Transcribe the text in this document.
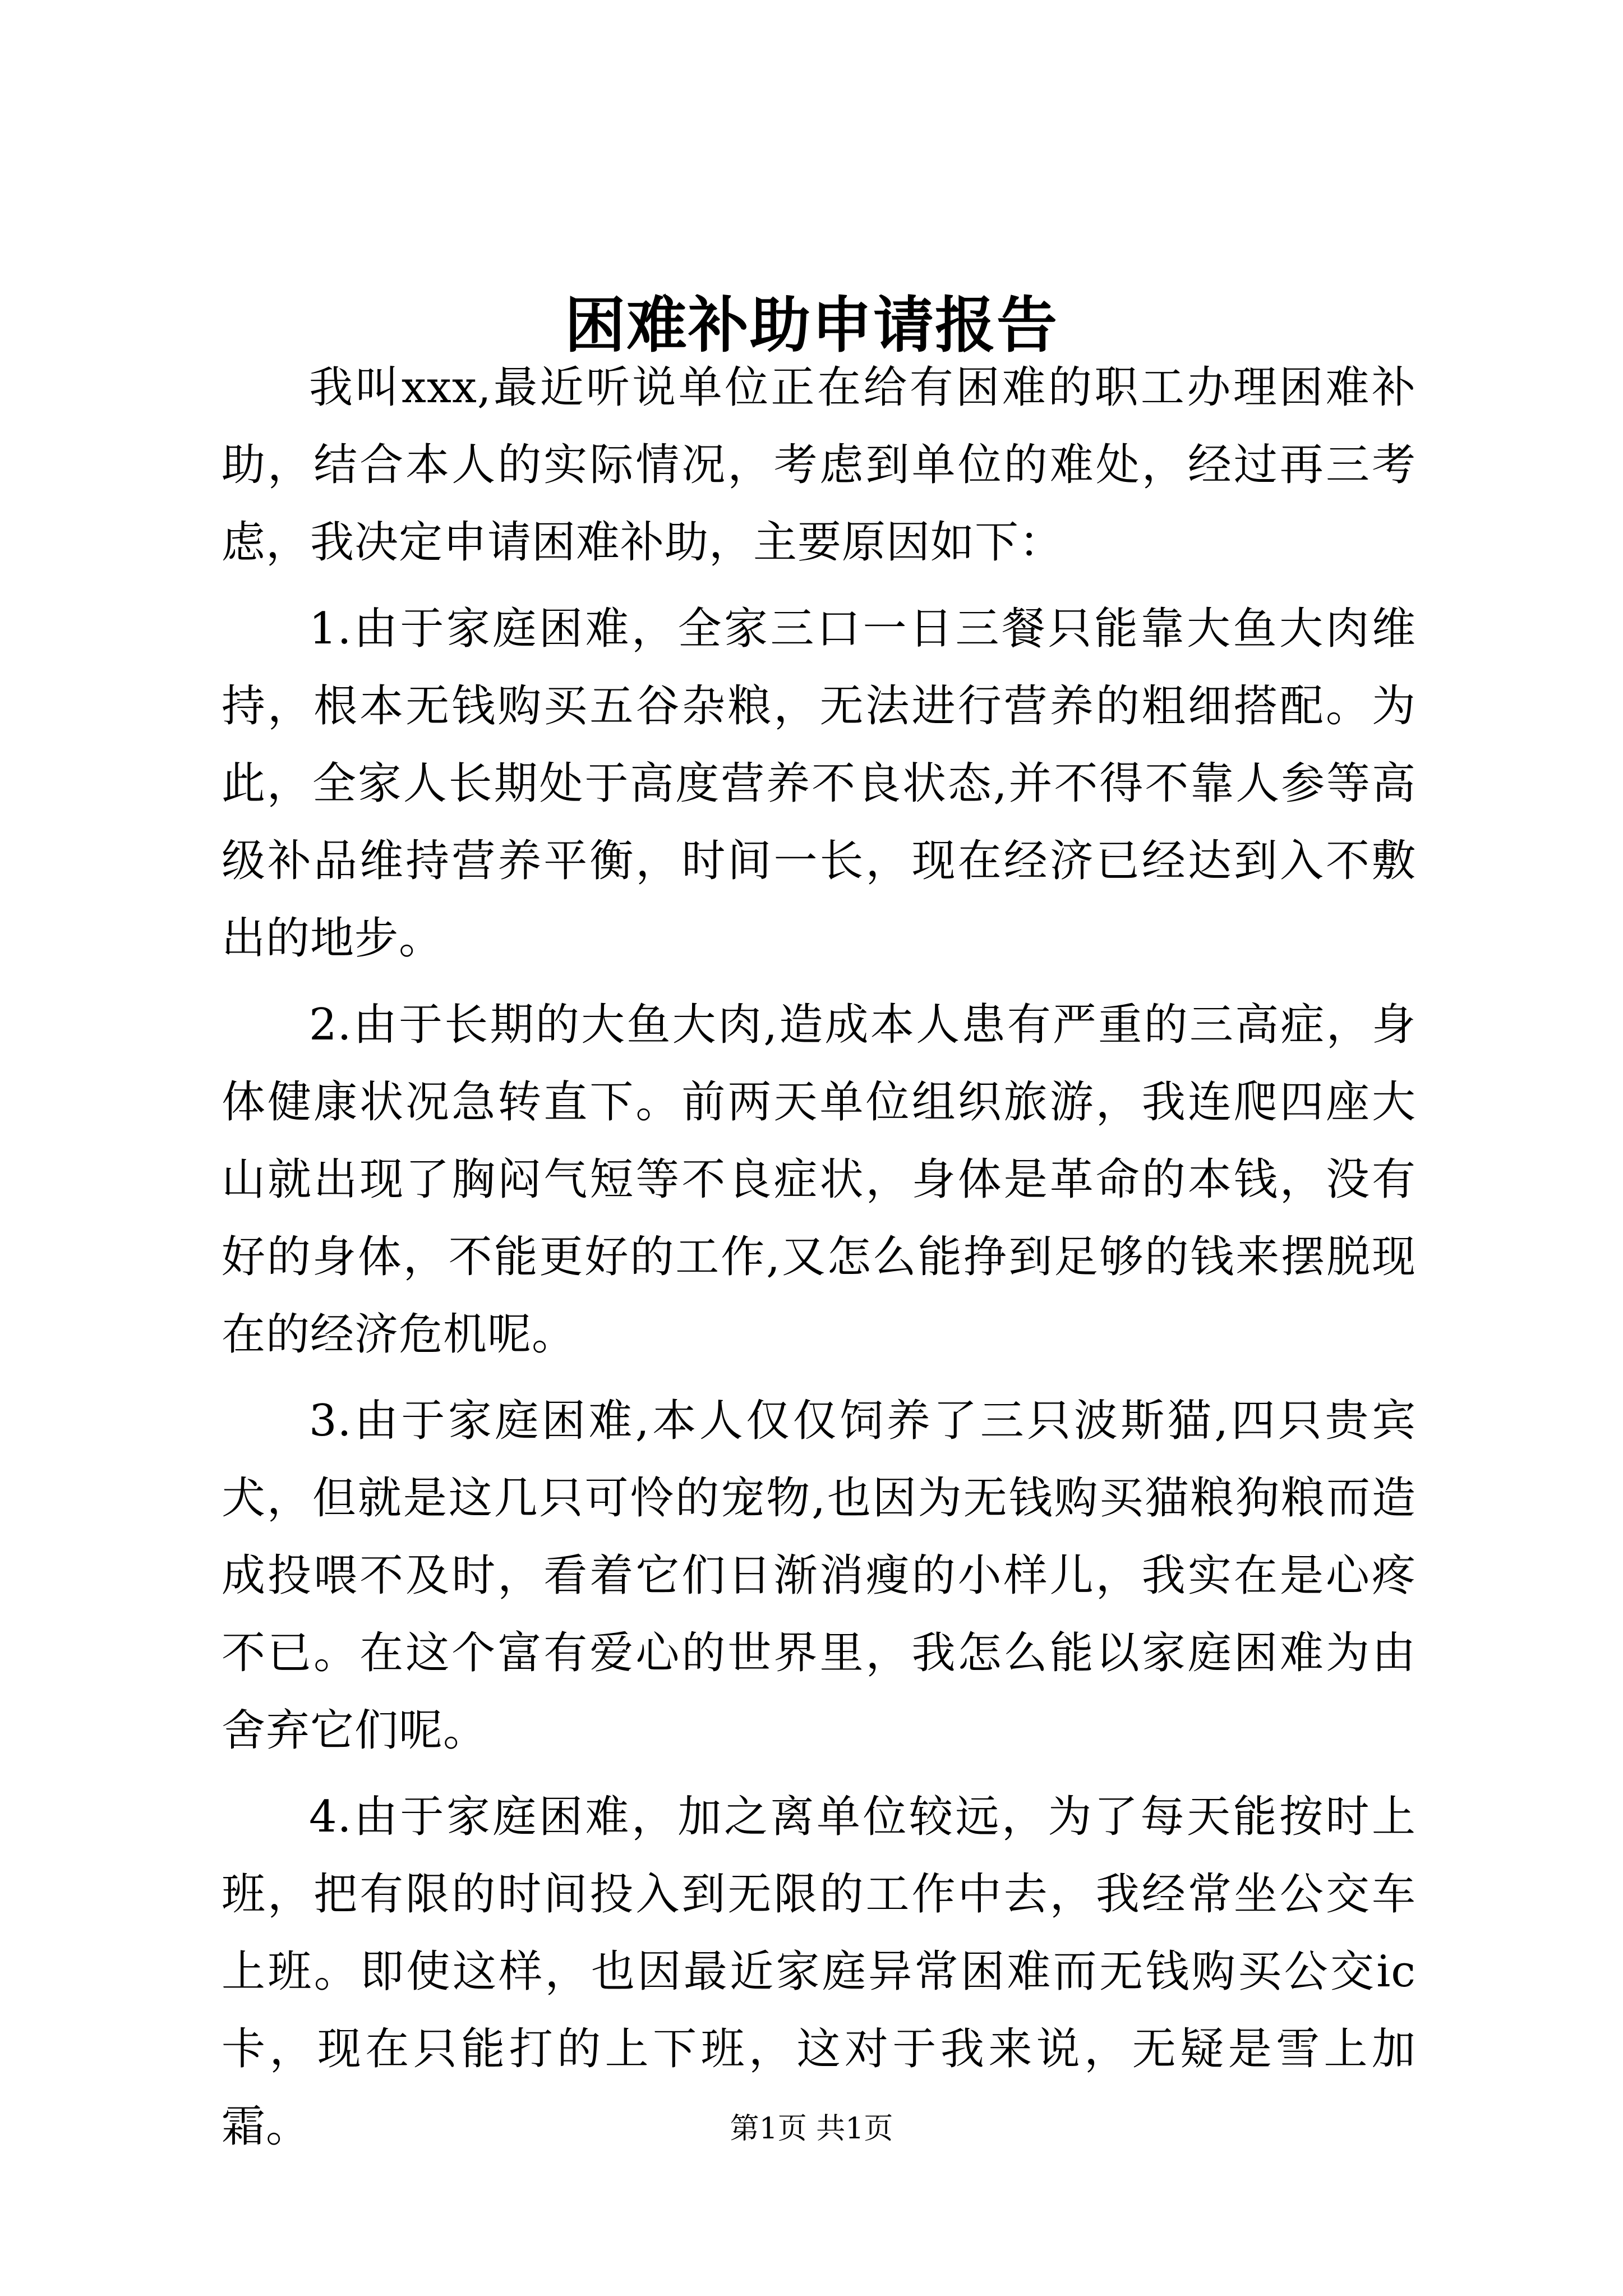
困难补助申请报告

我叫xxx,最近听说单位正在给有困难的职工办理困难补助，结合本人的实际情况，考虑到单位的难处，经过再三考虑，我决定申请困难补助，主要原因如下：

1.由于家庭困难，全家三口一日三餐只能靠大鱼大肉维持，根本无钱购买五谷杂粮，无法进行营养的粗细搭配。为此，全家人长期处于高度营养不良状态,并不得不靠人参等高级补品维持营养平衡，时间一长，现在经济已经达到入不敷出的地步。

2.由于长期的大鱼大肉,造成本人患有严重的三高症，身体健康状况急转直下。前两天单位组织旅游，我连爬四座大山就出现了胸闷气短等不良症状，身体是革命的本钱，没有好的身体，不能更好的工作,又怎么能挣到足够的钱来摆脱现在的经济危机呢。

3.由于家庭困难,本人仅仅饲养了三只波斯猫,四只贵宾犬，但就是这几只可怜的宠物,也因为无钱购买猫粮狗粮而造成投喂不及时，看着它们日渐消瘦的小样儿，我实在是心疼不已。在这个富有爱心的世界里，我怎么能以家庭困难为由舍弃它们呢。

4.由于家庭困难，加之离单位较远，为了每天能按时上班，把有限的时间投入到无限的工作中去，我经常坐公交车上班。即使这样，也因最近家庭异常困难而无钱购买公交ic卡，现在只能打的上下班，这对于我来说，无疑是雪上加霜。	第1页 共1页
